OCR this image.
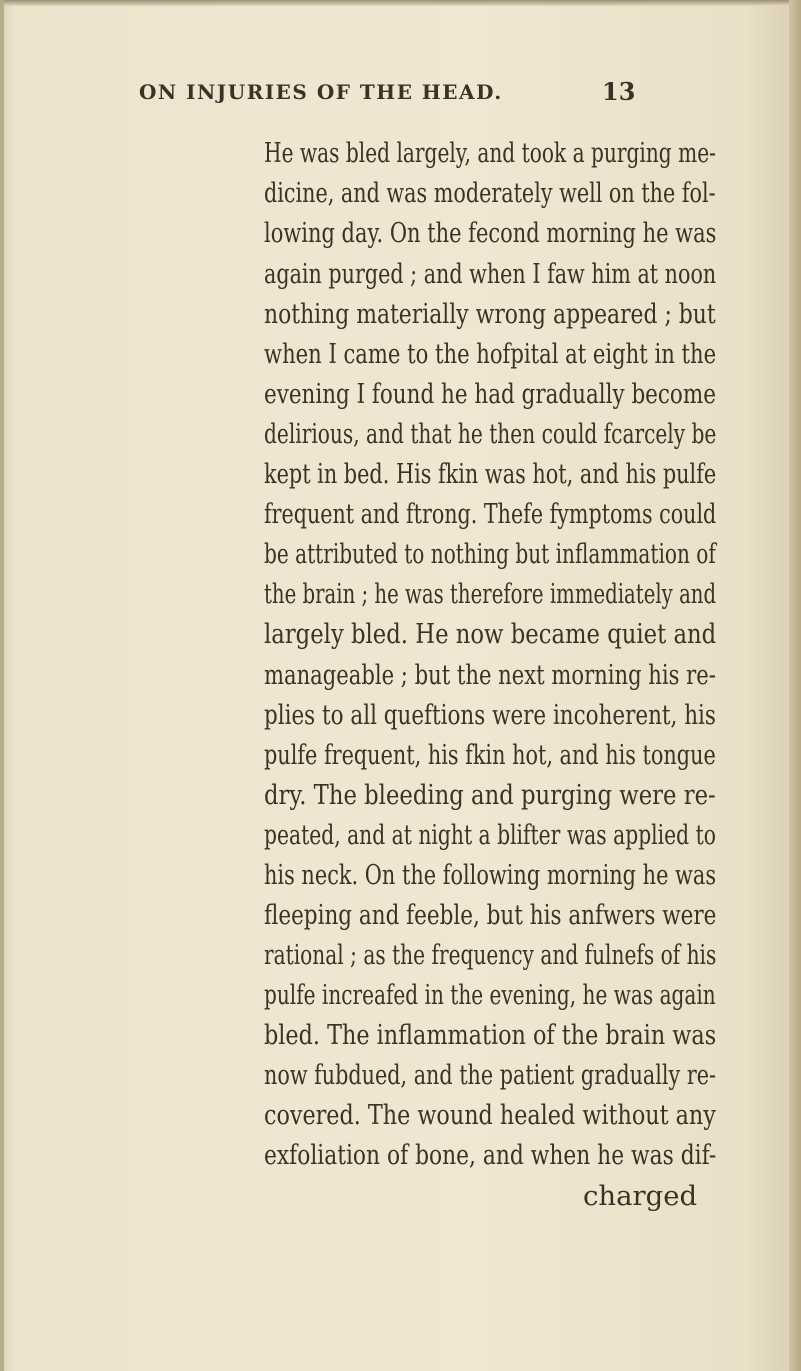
ON INJURIES OF THE HEAD.	13
He was bled largely, and took a purging me-
dicine, and was moderately well on the fol-
lowing day. On the fecond morning he was
again purged ; and when I faw him at noon
nothing materially wrong appeared ; but
when I came to the hofpital at eight in the
evening I found he had gradually become
delirious, and that he then could fcarcely be
kept in bed. His fkin was hot, and his pulfe
frequent and ftrong. Thefe fymptoms could
be attributed to nothing but inflammation of
the brain ; he was therefore immediately and
largely bled. He now became quiet and
manageable ; but the next morning his re-
plies to all queftions were incoherent, his
pulfe frequent, his fkin hot, and his tongue
dry. The bleeding and purging were re-
peated, and at night a blifter was applied to
his neck. On the following morning he was
fleeping and feeble, but his anfwers were
rational ; as the frequency and fulnefs of his
pulfe increafed in the evening, he was again
bled. The inflammation of the brain was
now fubdued, and the patient gradually re-
covered. The wound healed without any
exfoliation of bone, and when he was dif-
charged
